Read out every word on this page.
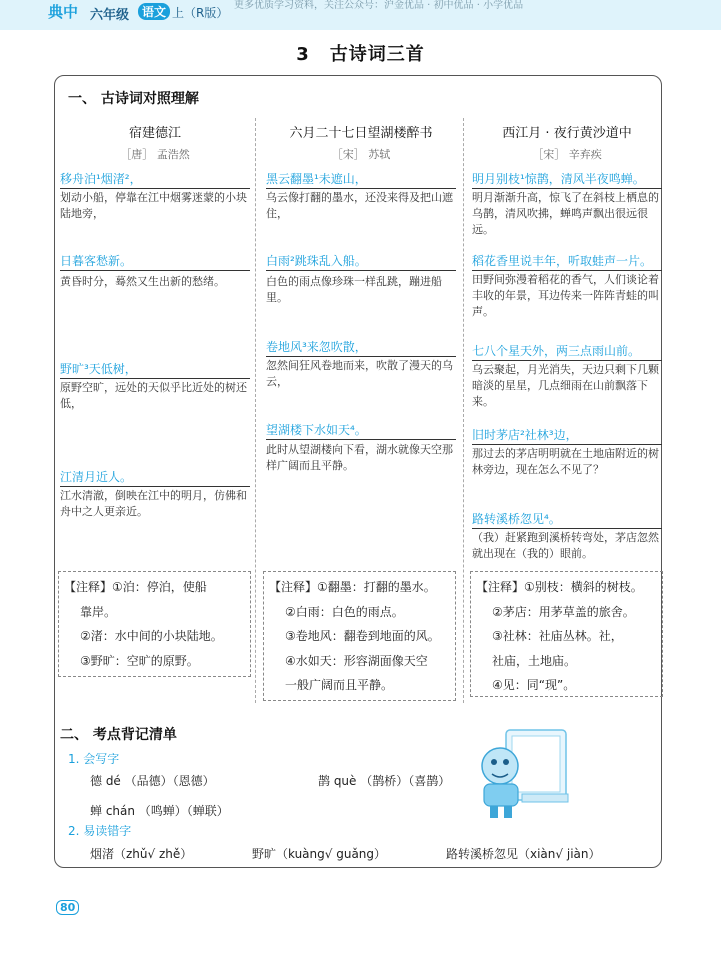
更多优质学习资料，关注公众号：沪金优品 · 初中优品 · 小学优品
典中 六年级	语文 上（R版）
3 古诗词三首
一、 古诗词对照理解
宿建德江
［唐］ 孟浩然
移舟泊¹烟渚²，
划动小船，停靠在江中烟雾迷蒙的小块陆地旁，
日暮客愁新。
黄昏时分，蓦然又生出新的愁绪。
野旷³天低树，
原野空旷，远处的天似乎比近处的树还低，
江清月近人。
江水清澈，倒映在江中的明月，仿佛和舟中之人更亲近。
【注释】①泊：停泊，使船
靠岸。
②渚：水中间的小块陆地。
③野旷：空旷的原野。
六月二十七日望湖楼醉书
［宋］ 苏轼
黑云翻墨¹未遮山，
乌云像打翻的墨水，还没来得及把山遮住，
白雨²跳珠乱入船。
白色的雨点像珍珠一样乱跳，蹦进船里。
卷地风³来忽吹散，
忽然间狂风卷地而来，吹散了漫天的乌云，
望湖楼下水如天⁴。
此时从望湖楼向下看，湖水就像天空那样广阔而且平静。
【注释】①翻墨：打翻的墨水。
②白雨：白色的雨点。
③卷地风：翻卷到地面的风。
④水如天：形容湖面像天空
一般广阔而且平静。
西江月 · 夜行黄沙道中
［宋］ 辛弃疾
明月别枝¹惊鹊，清风半夜鸣蝉。
明月渐渐升高，惊飞了在斜枝上栖息的乌鹊，清风吹拂，蝉鸣声飘出很远很远。
稻花香里说丰年，听取蛙声一片。
田野间弥漫着稻花的香气，人们谈论着丰收的年景，耳边传来一阵阵青蛙的叫声。
七八个星天外，两三点雨山前。
乌云聚起，月光消失，天边只剩下几颗暗淡的星星，几点细雨在山前飘落下来。
旧时茅店²社林³边，
那过去的茅店明明就在土地庙附近的树林旁边，现在怎么不见了？
路转溪桥忽见⁴。
（我）赶紧跑到溪桥转弯处，茅店忽然就出现在（我的）眼前。
【注释】①别枝：横斜的树枝。
②茅店：用茅草盖的旅舍。
③社林：社庙丛林。社，
社庙，土地庙。
④见：同“现”。
二、 考点背记清单
1. 会写字
德 dé （品德）（恩德）	鹊 què （鹊桥）（喜鹊）
蝉 chán （鸣蝉）（蝉联）
2. 易读错字
烟渚（zhǔ√ zhě）	野旷（kuàng√ guǎng）	路转溪桥忽见（xiàn√ jiàn）
80
